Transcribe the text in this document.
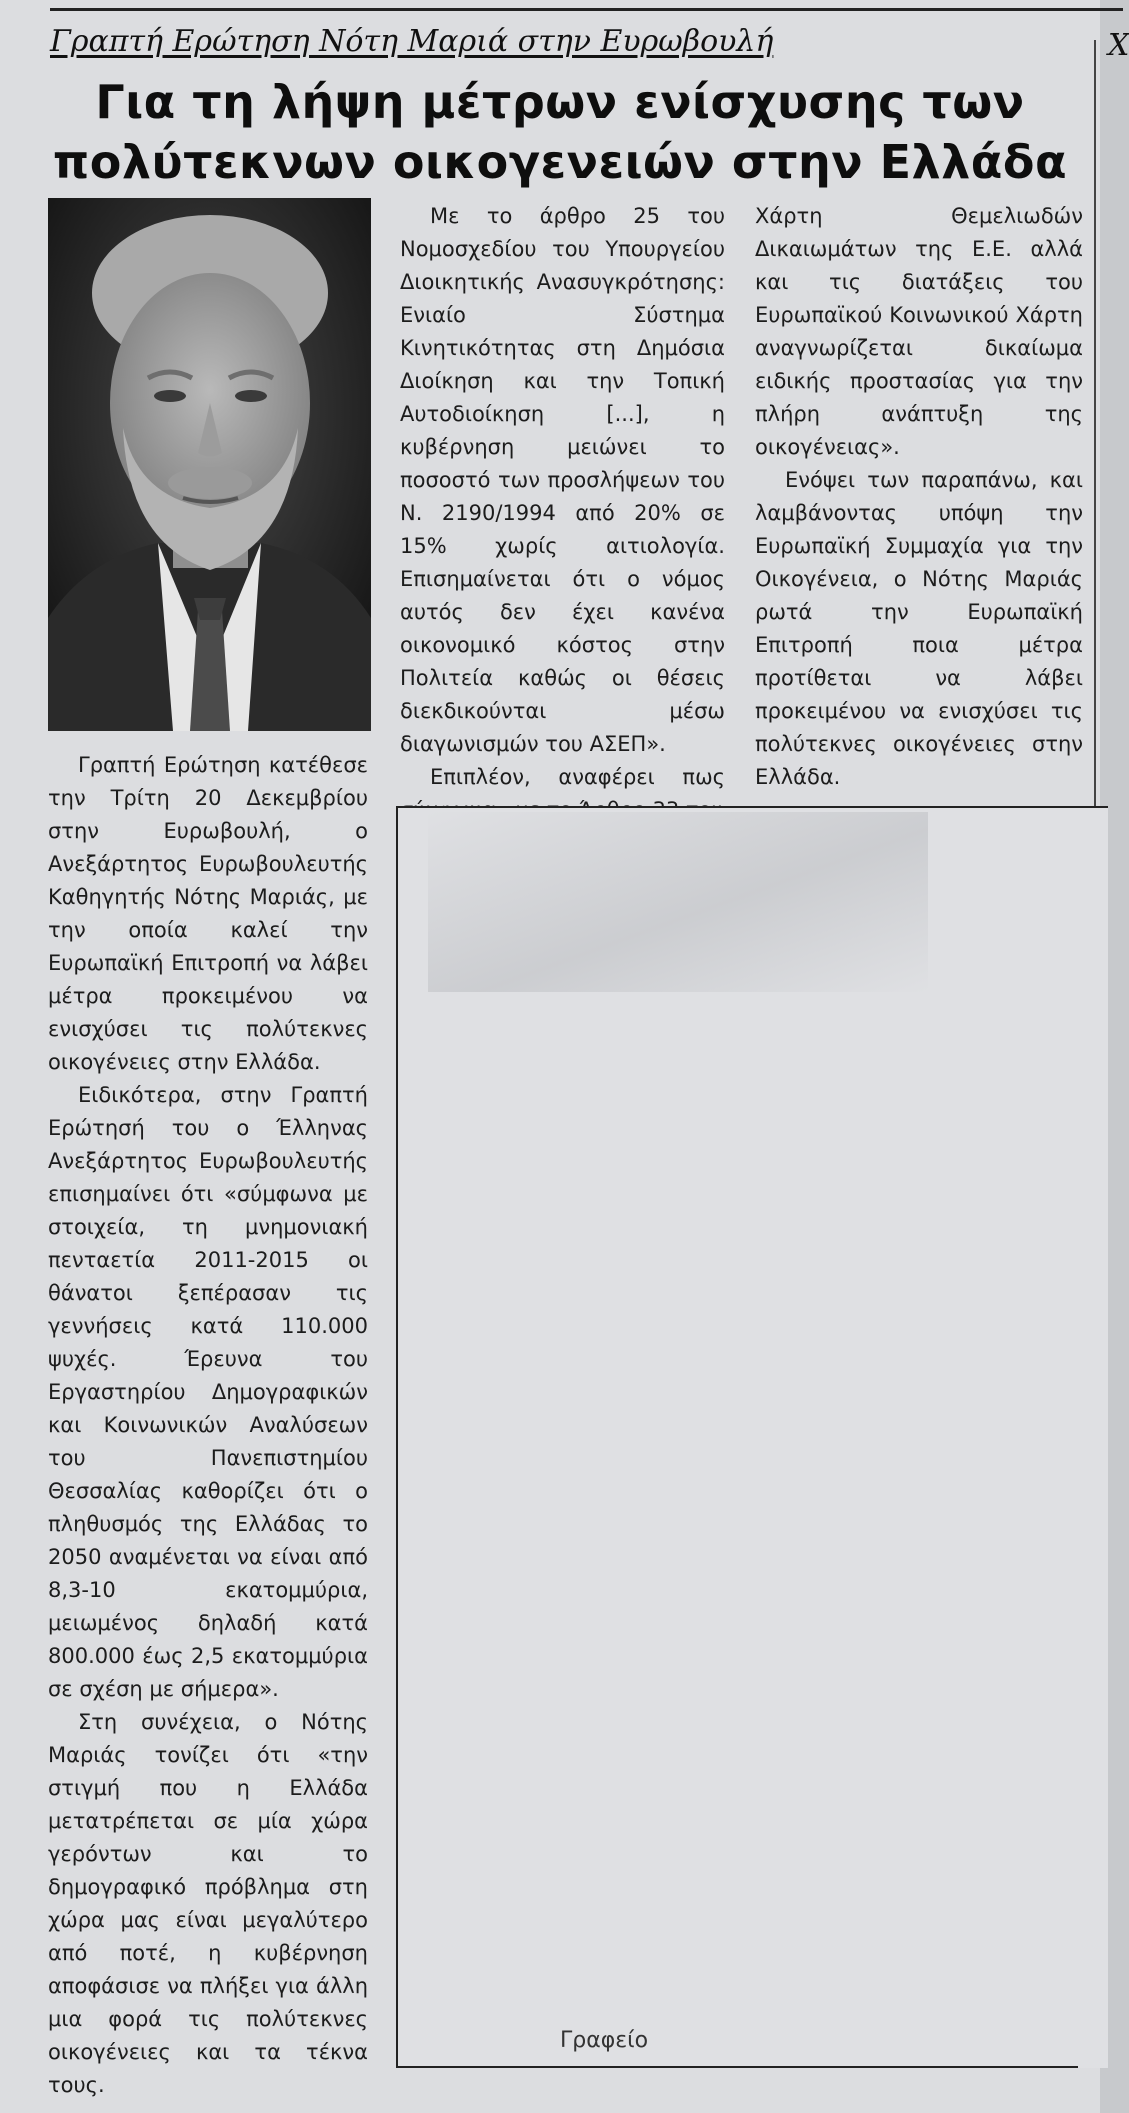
Γραπτή Ερώτηση Νότη Μαριά στην Ευρωβουλή	Χ
Για τη λήψη μέτρων ενίσχυσης των
πολύτεκνων οικογενειών στην Ελλάδα

Γραπτή Ερώτηση κατέθεσε την Τρίτη 20 Δεκεμβρίου στην Ευρωβουλή, ο Ανεξάρτητος Ευρωβουλευτής Καθηγητής Νότης Μαριάς, με την οποία καλεί την Ευρωπαϊκή Επιτροπή να λάβει μέτρα προκειμένου να ενισχύσει τις πολύτεκνες οικογένειες στην Ελλάδα.

Ειδικότερα, στην Γραπτή Ερώτησή του ο Έλληνας Ανεξάρτητος Ευρωβουλευτής επισημαίνει ότι «σύμφωνα με στοιχεία, τη μνημονιακή πενταετία 2011-2015 οι θάνατοι ξεπέρασαν τις γεννήσεις κατά 110.000 ψυχές. Έρευνα του Εργαστηρίου Δημογραφικών και Κοινωνικών Αναλύσεων του Πανεπιστημίου Θεσσαλίας καθορίζει ότι ο πληθυσμός της Ελλάδας το 2050 αναμένεται να είναι από 8,3-10 εκατομμύρια, μειωμένος δηλαδή κατά 800.000 έως 2,5 εκατομμύρια σε σχέση με σήμερα».

Στη συνέχεια, ο Νότης Μαριάς τονίζει ότι «την στιγμή που η Ελλάδα μετατρέπεται σε μία χώρα γερόντων και το δημογραφικό πρόβλημα στη χώρα μας είναι μεγαλύτερο από ποτέ, η κυβέρνηση αποφάσισε να πλήξει για άλλη μια φορά τις πολύτεκνες οικογένειες και τα τέκνα τους.

Με το άρθρο 25 του Νομοσχεδίου του Υπουργείου Διοικητικής Ανασυγκρότησης: Ενιαίο Σύστημα Κινητικότητας στη Δημόσια Διοίκηση και την Τοπική Αυτοδιοίκηση [...], η κυβέρνηση μειώνει το ποσοστό των προσλήψεων του Ν. 2190/1994 από 20% σε 15% χωρίς αιτιολογία. Επισημαίνεται ότι ο νόμος αυτός δεν έχει κανένα οικονομικό κόστος στην Πολιτεία καθώς οι θέσεις διεκδικούνται μέσω διαγωνισμών του ΑΣΕΠ».

Επιπλέον, αναφέρει πως

Χάρτη Θεμελιωδών Δικαιωμάτων της Ε.Ε. αλλά και τις διατάξεις του Ευρωπαϊκού Κοινωνικού Χάρτη αναγνωρίζεται δικαίωμα ειδικής προστασίας για την πλήρη ανάπτυξη της οικογένειας».

Ενόψει των παραπάνω, και λαμβάνοντας υπόψη την Ευρωπαϊκή Συμμαχία για την Οικογένεια, ο Νότης Μαριάς ρωτά την Ευρωπαϊκή Επιτροπή ποια μέτρα προτίθεται να λάβει προκειμένου να ενισχύσει τις πολύτεκνες οικογένειες στην Ελλάδα.

Γραφείο
